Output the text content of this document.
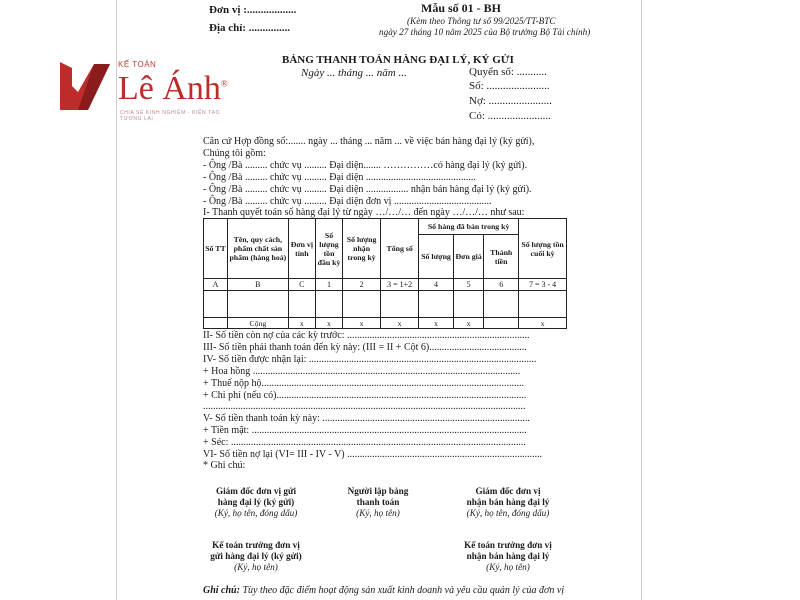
Đơn vị :..................
Địa chỉ: ...............
Mẫu số 01 - BH
(Kèm theo Thông tư số 99/2025/TT-BTC
ngày 27 tháng 10 năm 2025 của Bộ trưởng Bộ Tài chính)
BẢNG THANH TOÁN HÀNG ĐẠI LÝ, KÝ GỬI
Ngày ... tháng ... năm ...	Quyển số: ...........
Số: .......................
Nợ: .......................
Có: .......................
Căn cứ Hợp đồng số:....... ngày ... tháng ... năm ... về việc bán hàng đại lý (ký gửi),
Chúng tôi gồm:
- Ông /Bà ......... chức vụ ......... Đại diện....... ……………có hàng đại lý (ký gửi).
- Ông /Bà ......... chức vụ ......... Đại diện ............................................
- Ông /Bà ......... chức vụ ......... Đại diện ................. nhận bán hàng đại lý (ký gửi).
- Ông /Bà ......... chức vụ ......... Đại diện đơn vị .......................................
I- Thanh quyết toán số hàng đại lý từ ngày …/…/… đến ngày …/…/… như sau:
Số TT	Tên, quy cách, phẩm chất sản phẩm (hàng hoá)	Đơn vị tính	Số lượng tồn đầu kỳ	Số lượng nhận trong kỳ	Tổng số	Số hàng đã bán trong kỳ			Số lượng tồn cuối kỳ
						Số lượng	Đơn giá	Thành tiền	
A	B	C	1	2	3 = 1+2	4	5	6	7 = 3 - 4

	Cộng	x	x	x	x	x	x		x
II- Số tiền còn nợ của các kỳ trước: .........................................................................
III- Số tiền phải thanh toán đến kỳ này: (III = II + Cột 6).......................................
IV- Số tiền được nhận lại: ...........................................................................................
+ Hoa hồng ...........................................................................................................
+ Thuế nộp hộ.........................................................................................................
+ Chi phí (nếu có)....................................................................................................
.................................................................................................................................
V- Số tiền thanh toán kỳ này: ...................................................................................
+ Tiền mặt: ..............................................................................................................
+ Séc: ......................................................................................................................
VI- Số tiền nợ lại (VI= III - IV - V) ..............................................................................
* Ghi chú:
Giám đốc đơn vị gửi
hàng đại lý (ký gửi)
(Ký, họ tên, đóng dấu)
Người lập bảng
thanh toán
(Ký, họ tên)
Giám đốc đơn vị
nhận bán hàng đại lý
(Ký, họ tên, đóng dấu)
Kế toán trưởng đơn vị
gửi hàng đại lý (ký gửi)
(Ký, họ tên)
Kế toán trưởng đơn vị
nhận bán hàng đại lý
(Ký, họ tên)
Ghi chú: Tùy theo đặc điểm hoạt động sản xuất kinh doanh và yêu cầu quản lý của đơn vị
KẾ TOÁN
Lê Ánh®
CHIA SẺ KINH NGHIỆM · KIẾN TẠO TƯƠNG LAI
